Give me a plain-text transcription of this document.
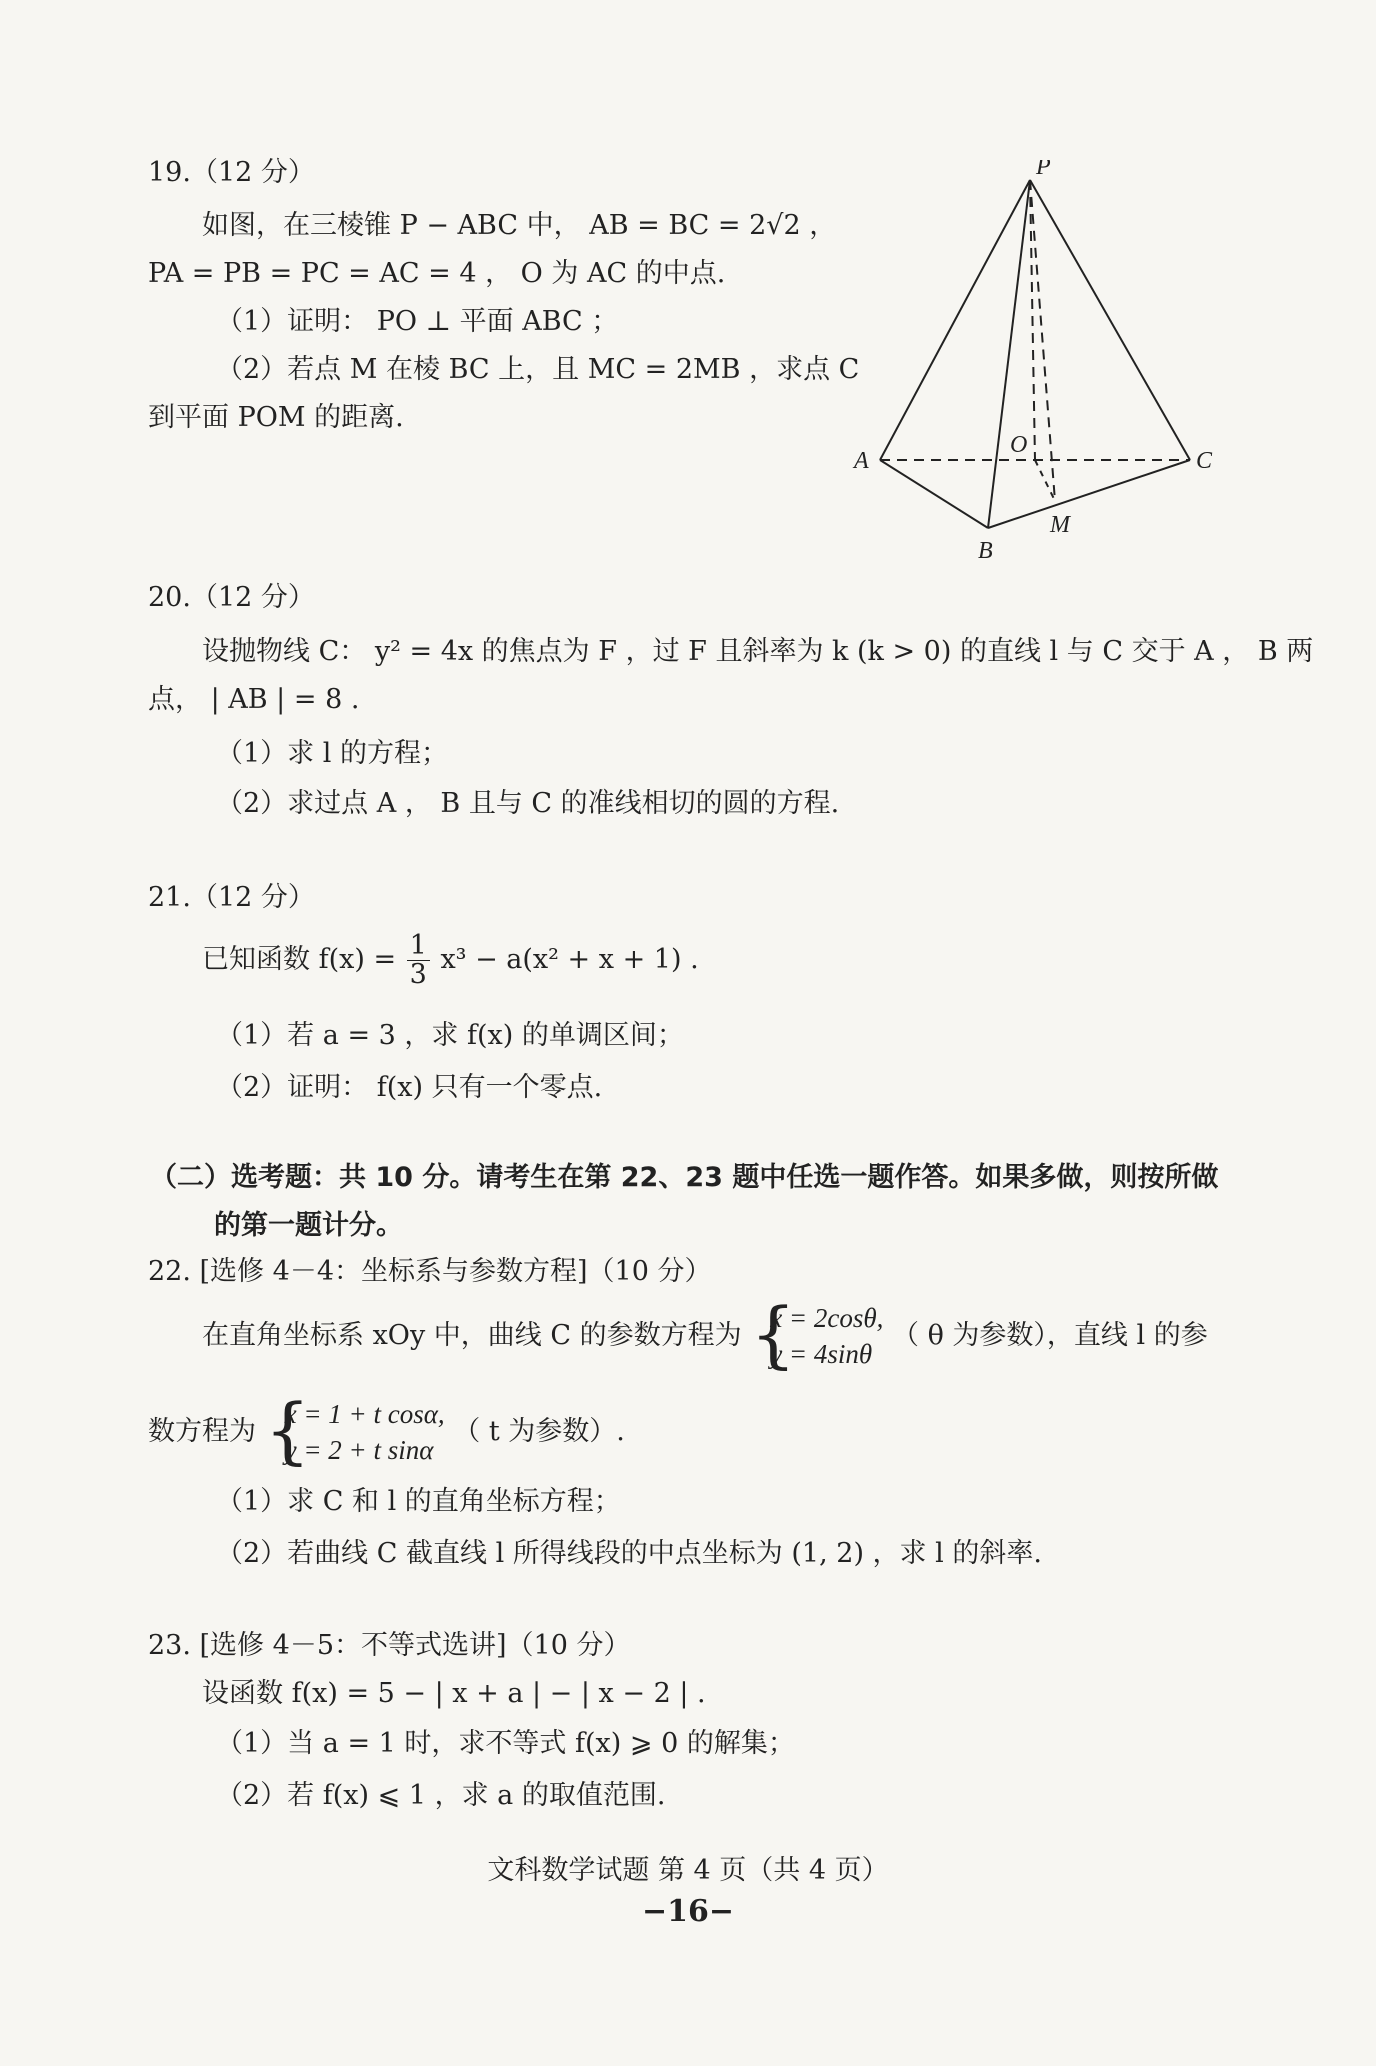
19.（12 分）
如图，在三棱锥 P − ABC 中， AB = BC = 2√2 ，
PA = PB = PC = AC = 4 ， O 为 AC 的中点.
（1）证明： PO ⊥ 平面 ABC ；
（2）若点 M 在棱 BC 上，且 MC = 2MB ，求点 C
到平面 POM 的距离.
P
A
B
C
O
M
20.（12 分）
设抛物线 C： y² = 4x 的焦点为 F ，过 F 且斜率为 k (k > 0) 的直线 l 与 C 交于 A ， B 两
点， | AB | = 8 .
（1）求 l 的方程；
（2）求过点 A ， B 且与 C 的准线相切的圆的方程.
21.（12 分）
已知函数 $f(x) = \frac{1}{3} x^3 - a(x^2 + x + 1)$ .
（1）若 a = 3 ，求 f(x) 的单调区间；
（2）证明： f(x) 只有一个零点.
（二）选考题：共 10 分。请考生在第 22、23 题中任选一题作答。如果多做，则按所做
的第一题计分。
22. [选修 4－4：坐标系与参数方程]（10 分）
在直角坐标系 xOy 中，曲线 C 的参数方程为 {
x = 2cosθ,
y = 4sinθ
（ θ 为参数），直线 l 的参
数方程为 {
x = 1 + t cosα,
y = 2 + t sinα
（ t 为参数）.
（1）求 C 和 l 的直角坐标方程；
（2）若曲线 C 截直线 l 所得线段的中点坐标为 (1, 2) ，求 l 的斜率.
23. [选修 4－5：不等式选讲]（10 分）
设函数 f(x) = 5 − | x + a | − | x − 2 | .
（1）当 a = 1 时，求不等式 f(x) ⩾ 0 的解集；
（2）若 f(x) ⩽ 1 ，求 a 的取值范围.
文科数学试题 第 4 页（共 4 页）
−16−
